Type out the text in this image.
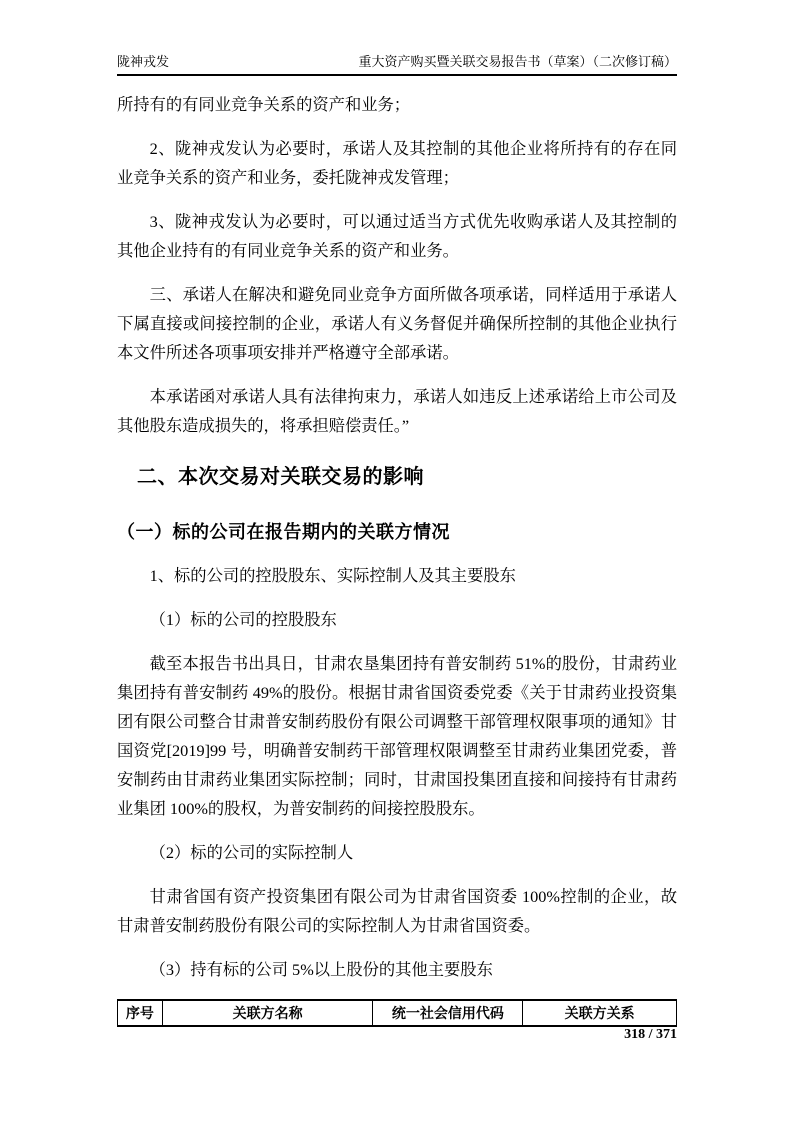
陇神戎发	重大资产购买暨关联交易报告书（草案）（二次修订稿）

所持有的有同业竞争关系的资产和业务；

2、陇神戎发认为必要时，承诺人及其控制的其他企业将所持有的存在同业竞争关系的资产和业务，委托陇神戎发管理；

3、陇神戎发认为必要时，可以通过适当方式优先收购承诺人及其控制的其他企业持有的有同业竞争关系的资产和业务。

三、承诺人在解决和避免同业竞争方面所做各项承诺，同样适用于承诺人下属直接或间接控制的企业，承诺人有义务督促并确保所控制的其他企业执行本文件所述各项事项安排并严格遵守全部承诺。

本承诺函对承诺人具有法律拘束力，承诺人如违反上述承诺给上市公司及其他股东造成损失的，将承担赔偿责任。”

二、本次交易对关联交易的影响
（一）标的公司在报告期内的关联方情况

1、标的公司的控股股东、实际控制人及其主要股东

（1）标的公司的控股股东

截至本报告书出具日，甘肃农垦集团持有普安制药 51%的股份，甘肃药业集团持有普安制药 49%的股份。根据甘肃省国资委党委《关于甘肃药业投资集团有限公司整合甘肃普安制药股份有限公司调整干部管理权限事项的通知》甘国资党[2019]99 号，明确普安制药干部管理权限调整至甘肃药业集团党委，普安制药由甘肃药业集团实际控制；同时，甘肃国投集团直接和间接持有甘肃药业集团 100%的股权，为普安制药的间接控股股东。

（2）标的公司的实际控制人

甘肃省国有资产投资集团有限公司为甘肃省国资委 100%控制的企业，故甘肃普安制药股份有限公司的实际控制人为甘肃省国资委。

（3）持有标的公司 5%以上股份的其他主要股东

序号	关联方名称	统一社会信用代码	关联方关系
318 / 371
